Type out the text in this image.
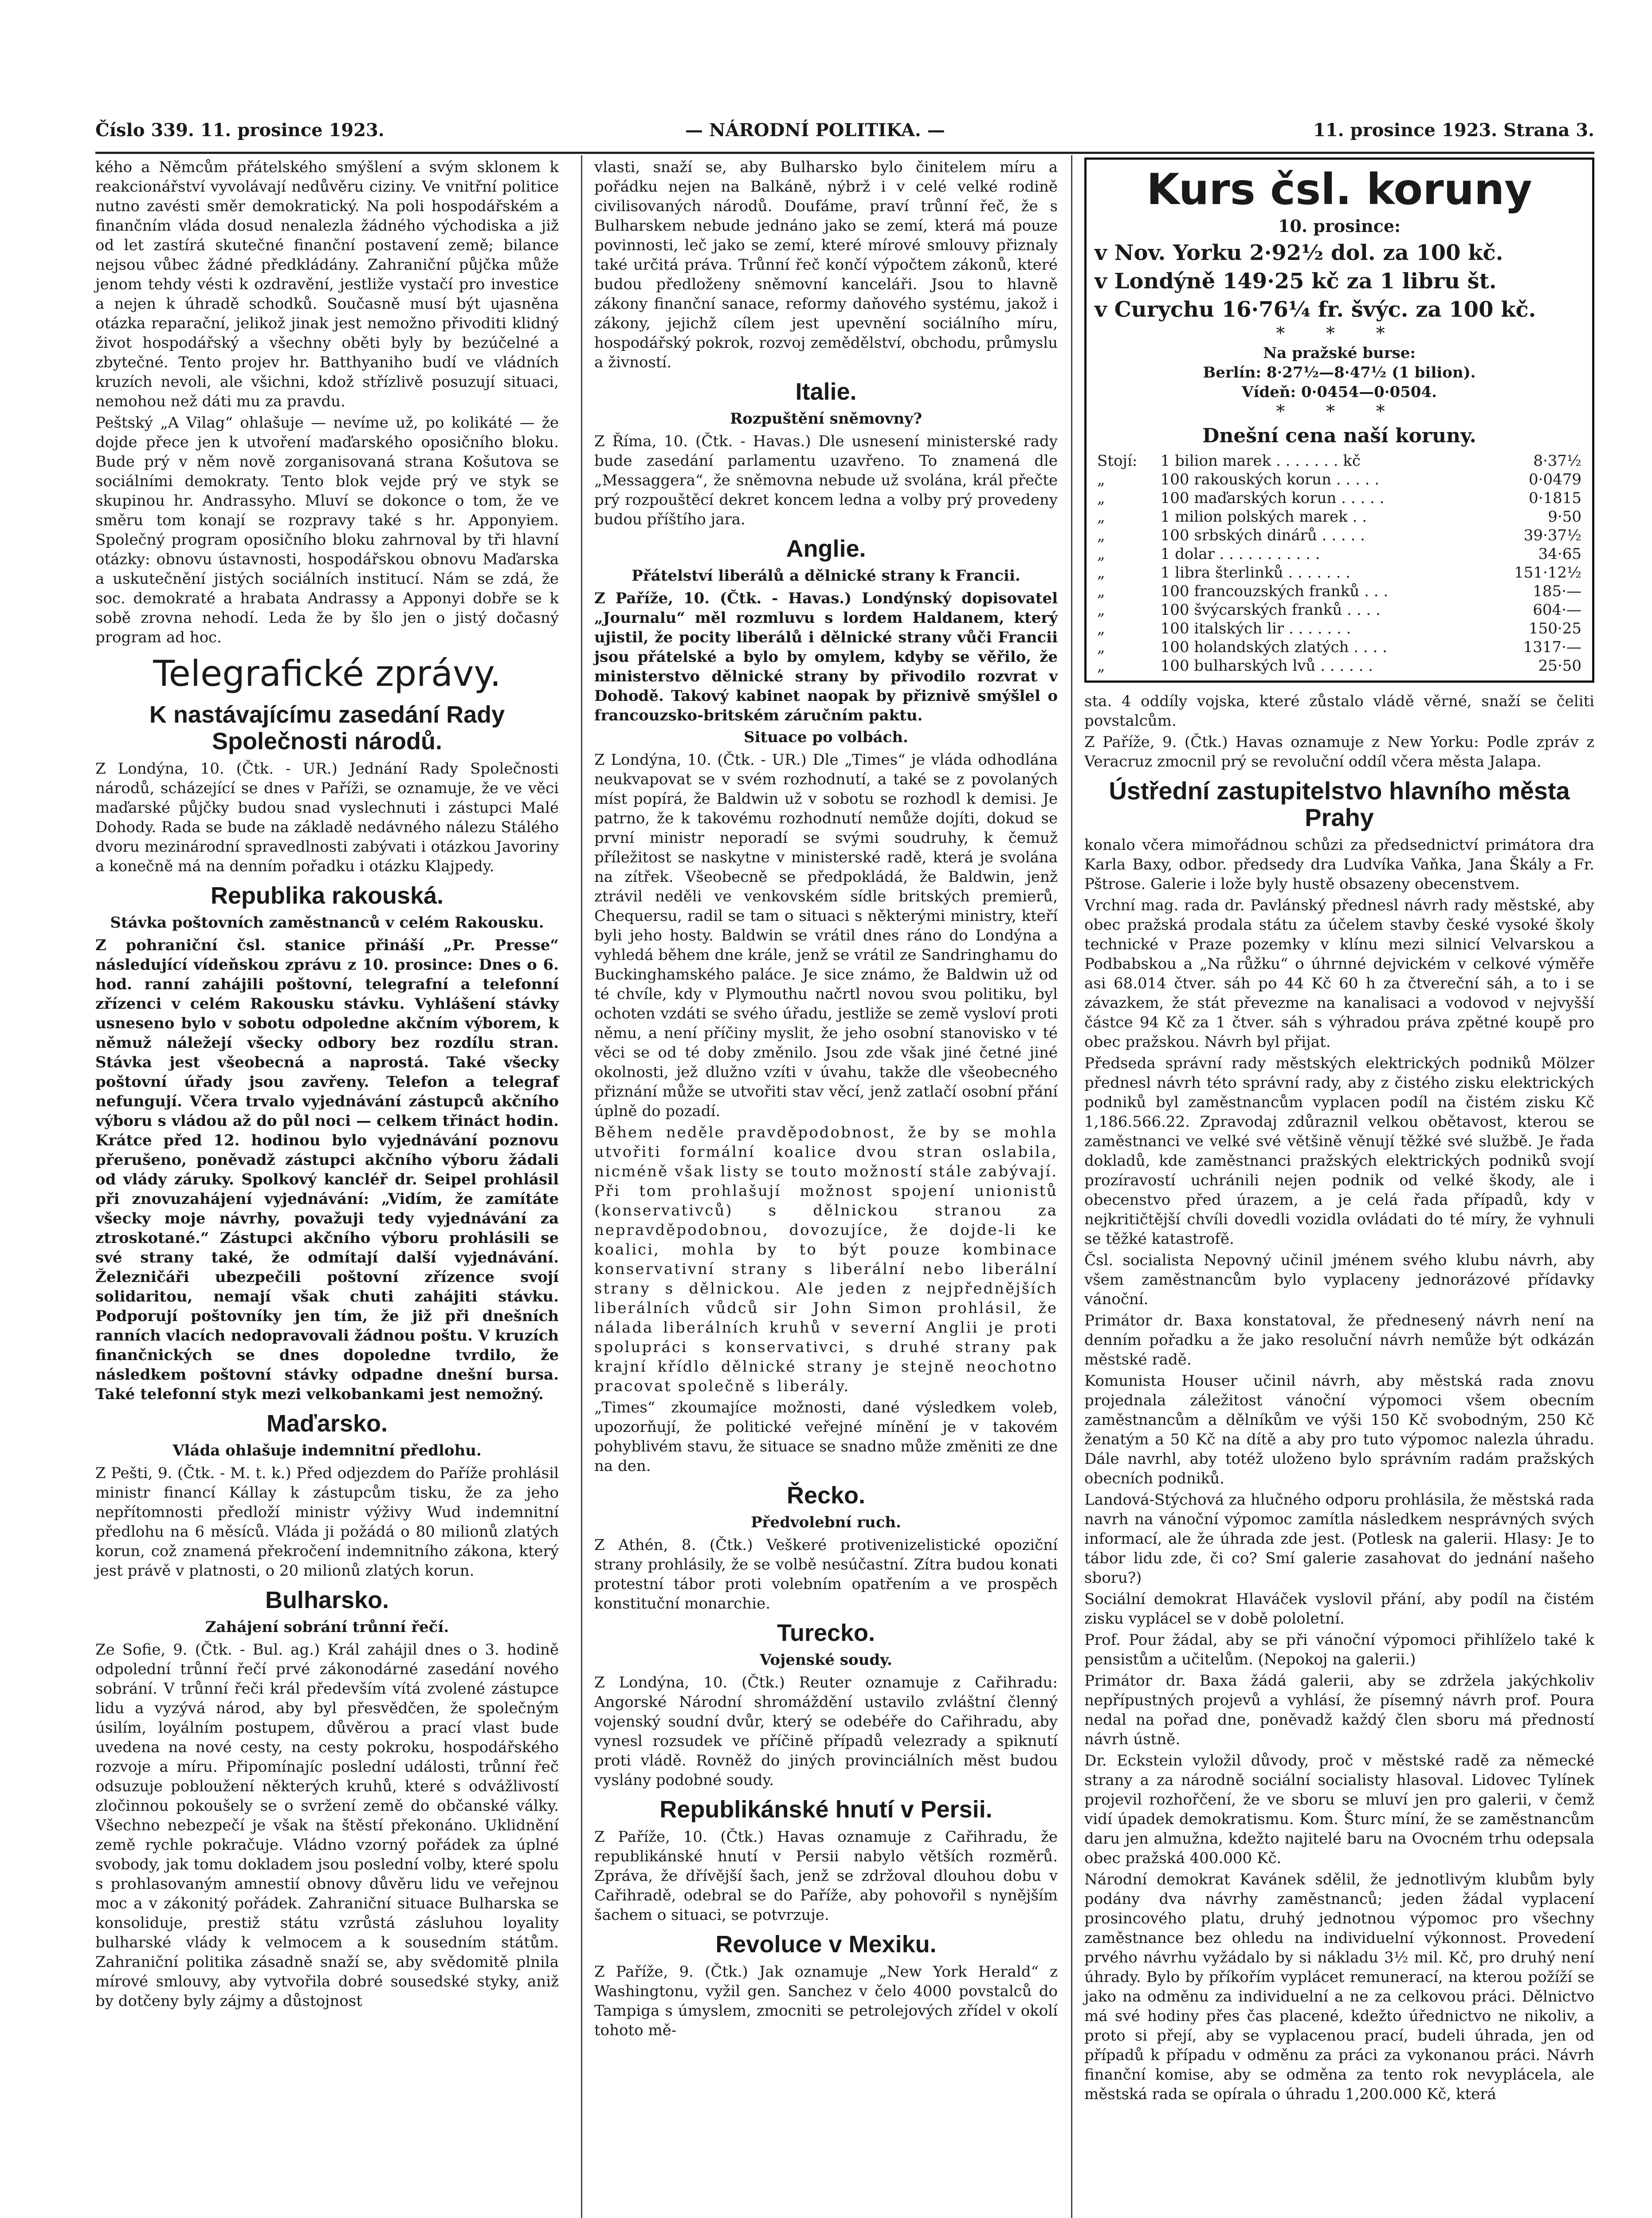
Číslo 339. 11. prosince 1923.	— NÁRODNÍ POLITIKA. —	11. prosince 1923. Strana 3.

kého a Němcům přátelského smýšlení a svým sklonem k reakcionářství vyvolávají nedůvěru ciziny. Ve vnitřní politice nutno zavésti směr demokratický. Na poli hospodářském a finančním vláda dosud nenalezla žádného východiska a již od let zastírá skutečné finanční postavení země; bilance nejsou vůbec žádné předkládány. Zahraniční půjčka může jenom tehdy vésti k ozdravění, jestliže vystačí pro investice a nejen k úhradě schodků. Současně musí být ujasněna otázka reparační, jelikož jinak jest nemožno přivoditi klidný život hospodářský a všechny oběti byly by bezúčelné a zbytečné. Tento projev hr. Batthyaniho budí ve vládních kruzích nevoli, ale všichni, kdož střízlivě posuzují situaci, nemohou než dáti mu za pravdu.

Peštský „A Vilag“ ohlašuje — nevíme už, po kolikáté — že dojde přece jen k utvoření maďarského oposičního bloku. Bude prý v něm nově zorganisovaná strana Košutova se sociálními demokraty. Tento blok vejde prý ve styk se skupinou hr. Andrassyho. Mluví se dokonce o tom, že ve směru tom konají se rozpravy také s hr. Apponyiem. Společný program oposičního bloku zahrnoval by tři hlavní otázky: obnovu ústavnosti, hospodářskou obnovu Maďarska a uskutečnění jistých sociálních institucí. Nám se zdá, že soc. demokraté a hrabata Andrassy a Apponyi dobře se k sobě zrovna nehodí. Leda že by šlo jen o jistý dočasný program ad hoc.

Telegrafické zprávy.
K nastávajícímu zasedání Rady Společnosti národů.

Z Londýna, 10. (Čtk. - UR.) Jednání Rady Společnosti národů, scházející se dnes v Paříži, se oznamuje, že ve věci maďarské půjčky budou snad vyslechnuti i zástupci Malé Dohody. Rada se bude na základě nedávného nálezu Stálého dvoru mezinárodní spravedlnosti zabývati i otázkou Javoriny a konečně má na denním pořadku i otázku Klajpedy.

Republika rakouská.
Stávka poštovních zaměstnanců v celém Rakousku.

Z pohraniční čsl. stanice přináší „Pr. Presse“ následující vídeňskou zprávu z 10. prosince: Dnes o 6. hod. ranní zahájili poštovní, telegrafní a telefonní zřízenci v celém Rakousku stávku. Vyhlášení stávky usneseno bylo v sobotu odpoledne akčním výborem, k němuž náležejí všecky odbory bez rozdílu stran. Stávka jest všeobecná a naprostá. Také všecky poštovní úřady jsou zavřeny. Telefon a telegraf nefungují. Včera trvalo vyjednávání zástupců akčního výboru s vládou až do půl noci — celkem třináct hodin. Krátce před 12. hodinou bylo vyjednávání poznovu přerušeno, poněvadž zástupci akčního výboru žádali od vlády záruky. Spolkový kancléř dr. Seipel prohlásil při znovuzahájení vyjednávání: „Vidím, že zamítáte všecky moje návrhy, považuji tedy vyjednávání za ztroskotané.“ Zástupci akčního výboru prohlásili se své strany také, že odmítají další vyjednávání. Železničáři ubezpečili poštovní zřízence svojí solidaritou, nemají však chuti zahájiti stávku. Podporují poštovníky jen tím, že již při dnešních ranních vlacích nedopravovali žádnou poštu. V kruzích finančnických se dnes dopoledne tvrdilo, že následkem poštovní stávky odpadne dnešní bursa. Také telefonní styk mezi velkobankami jest nemožný.

Maďarsko.
Vláda ohlašuje indemnitní předlohu.

Z Pešti, 9. (Čtk. - M. t. k.) Před odjezdem do Paříže prohlásil ministr financí Kállay k zástupcům tisku, že za jeho nepřítomnosti předloží ministr výživy Wud indemnitní předlohu na 6 měsíců. Vláda ji požádá o 80 milionů zlatých korun, což znamená překročení indemnitního zákona, který jest právě v platnosti, o 20 milionů zlatých korun.

Bulharsko.
Zahájení sobrání trůnní řečí.

Ze Sofie, 9. (Čtk. - Bul. ag.) Král zahájil dnes o 3. hodině odpolední trůnní řečí prvé zákonodárné zasedání nového sobrání. V trůnní řeči král především vítá zvolené zástupce lidu a vyzývá národ, aby byl přesvědčen, že společným úsilím, loyálním postupem, důvěrou a prací vlast bude uvedena na nové cesty, na cesty pokroku, hospodářského rozvoje a míru. Připomínajíc poslední události, trůnní řeč odsuzuje pobloužení některých kruhů, které s odvážlivostí zločinnou pokoušely se o svržení země do občanské války. Všechno nebezpečí je však na štěstí překonáno. Uklidnění země rychle pokračuje. Vládno vzorný pořádek za úplné svobody, jak tomu dokladem jsou poslední volby, které spolu s prohlasovaným amnestií obnovy důvěru lidu ve veřejnou moc a v zákonitý pořádek. Zahraniční situace Bulharska se konsoliduje, prestiž státu vzrůstá zásluhou loyality bulharské vlády k velmocem a k sousedním státům. Zahraniční politika zásadně snaží se, aby svědomitě plnila mírové smlouvy, aby vytvořila dobré sousedské styky, aniž by dotčeny byly zájmy a důstojnost

vlasti, snaží se, aby Bulharsko bylo činitelem míru a pořádku nejen na Balkáně, nýbrž i v celé velké rodině civilisovaných národů. Doufáme, praví trůnní řeč, že s Bulharskem nebude jednáno jako se zemí, která má pouze povinnosti, leč jako se zemí, které mírové smlouvy přiznaly také určitá práva. Trůnní řeč končí výpočtem zákonů, které budou předloženy sněmovní kanceláři. Jsou to hlavně zákony finanční sanace, reformy daňového systému, jakož i zákony, jejichž cílem jest upevnění sociálního míru, hospodářský pokrok, rozvoj zemědělství, obchodu, průmyslu a živností.

Italie.
Rozpuštění sněmovny?

Z Říma, 10. (Čtk. - Havas.) Dle usnesení ministerské rady bude zasedání parlamentu uzavřeno. To znamená dle „Messaggera“, že sněmovna nebude už svolána, král přečte prý rozpouštěcí dekret koncem ledna a volby prý provedeny budou příštího jara.

Anglie.
Přátelství liberálů a dělnické strany k Francii.

Z Paříže, 10. (Čtk. - Havas.) Londýnský dopisovatel „Journalu“ měl rozmluvu s lordem Haldanem, který ujistil, že pocity liberálů i dělnické strany vůči Francii jsou přátelské a bylo by omylem, kdyby se věřilo, že ministerstvo dělnické strany by přivodilo rozvrat v Dohodě. Takový kabinet naopak by přiznivě smýšlel o francouzsko-britském záručním paktu.

Situace po volbách.

Z Londýna, 10. (Čtk. - UR.) Dle „Times“ je vláda odhodlána neukvapovat se v svém rozhodnutí, a také se z povolaných míst popírá, že Baldwin už v sobotu se rozhodl k demisi. Je patrno, že k takovému rozhodnutí nemůže dojíti, dokud se první ministr neporadí se svými soudruhy, k čemuž příležitost se naskytne v ministerské radě, která je svolána na zítřek. Všeobecně se předpokládá, že Baldwin, jenž ztrávil neděli ve venkovském sídle britských premierů, Chequersu, radil se tam o situaci s některými ministry, kteří byli jeho hosty. Baldwin se vrátil dnes ráno do Londýna a vyhledá během dne krále, jenž se vrátil ze Sandringhamu do Buckinghamského paláce. Je sice známo, že Baldwin už od té chvíle, kdy v Plymouthu načrtl novou svou politiku, byl ochoten vzdáti se svého úřadu, jestliže se země vysloví proti němu, a není příčiny myslit, že jeho osobní stanovisko v té věci se od té doby změnilo. Jsou zde však jiné četné jiné okolnosti, jež dlužno vzíti v úvahu, takže dle všeobecného přiznání může se utvořiti stav věcí, jenž zatlačí osobní přání úplně do pozadí.

Během neděle pravděpodobnost, že by se mohla utvořiti formální koalice dvou stran oslabila, nicméně však listy se touto možností stále zabývají. Při tom prohlašují možnost spojení unionistů (konservativců) s dělnickou stranou za nepravděpodobnou, dovozujíce, že dojde-li ke koalici, mohla by to být pouze kombinace konservativní strany s liberální nebo liberální strany s dělnickou. Ale jeden z nejpřednějších liberálních vůdců sir John Simon prohlásil, že nálada liberálních kruhů v severní Anglii je proti spolupráci s konservativci, s druhé strany pak krajní křídlo dělnické strany je stejně neochotno pracovat společně s liberály.

„Times“ zkoumajíce možnosti, dané výsledkem voleb, upozorňují, že politické veřejné mínění je v takovém pohyblivém stavu, že situace se snadno může změniti ze dne na den.

Řecko.
Předvolební ruch.

Z Athén, 8. (Čtk.) Veškeré protivenizelistické opoziční strany prohlásily, že se volbě nesúčastní. Zítra budou konati protestní tábor proti volebním opatřením a ve prospěch konstituční monarchie.

Turecko.
Vojenské soudy.

Z Londýna, 10. (Čtk.) Reuter oznamuje z Cařihradu: Angorské Národní shromáždění ustavilo zvláštní členný vojenský soudní dvůr, který se odebéře do Cařihradu, aby vynesl rozsudek ve příčině případů velezrady a spiknutí proti vládě. Rovněž do jiných provinciálních měst budou vyslány podobné soudy.

Republikánské hnutí v Persii.

Z Paříže, 10. (Čtk.) Havas oznamuje z Cařihradu, že republikánské hnutí v Persii nabylo větších rozměrů. Zpráva, že dřívější šach, jenž se zdržoval dlouhou dobu v Cařihradě, odebral se do Paříže, aby pohovořil s nynějším šachem o situaci, se potvrzuje.

Revoluce v Mexiku.

Z Paříže, 9. (Čtk.) Jak oznamuje „New York Herald“ z Washingtonu, vyžil gen. Sanchez v čelo 4000 povstalců do Tampiga s úmyslem, zmocniti se petrolejových zřídel v okolí tohoto mě-

Kurs čsl. koruny
10. prosince:
v Nov. Yorku 2·92½ dol. za 100 kč.
v Londýně 149·25 kč za 1 libru št.
v Curychu 16·76¼ fr. švýc. za 100 kč.
* * *
Na pražské burse:
Berlín: 8·27½—8·47½ (1 bilion).
Vídeň: 0·0454—0·0504.
* * *
Dnešní cena naší koruny.
Stojí:	1 bilion marek . . . . . . . kč	8·37½
„	100 rakouských korun . . . . .	0·0479
„	100 maďarských korun . . . . .	0·1815
„	1 milion polských marek . .	9·50
„	100 srbských dinárů . . . . .	39·37½
„	1 dolar . . . . . . . . . . .	34·65
„	1 libra šterlinků . . . . . . .	151·12½
„	100 francouzských franků . . .	185·—
„	100 švýcarských franků . . . .	604·—
„	100 italských lir . . . . . . .	150·25
„	100 holandských zlatých . . . .	1317·—
„	100 bulharských lvů . . . . . .	25·50

sta. 4 oddíly vojska, které zůstalo vládě věrné, snaží se čeliti povstalcům.

Z Paříže, 9. (Čtk.) Havas oznamuje z New Yorku: Podle zpráv z Veracruz zmocnil prý se revoluční oddíl včera města Jalapa.

Ústřední zastupitelstvo hlavního města Prahy

konalo včera mimořádnou schůzi za předsednictví primátora dra Karla Baxy, odbor. předsedy dra Ludvíka Vaňka, Jana Škály a Fr. Pštrose. Galerie i lože byly hustě obsazeny obecenstvem.

Vrchní mag. rada dr. Pavlánský přednesl návrh rady městské, aby obec pražská prodala státu za účelem stavby české vysoké školy technické v Praze pozemky v klínu mezi silnicí Velvarskou a Podbabskou a „Na růžku“ o úhrnné dejvickém v celkové výměře asi 68.014 čtver. sáh po 44 Kč 60 h za čtvereční sáh, a to i se závazkem, že stát převezme na kanalisaci a vodovod v nejvyšší částce 94 Kč za 1 čtver. sáh s výhradou práva zpětné koupě pro obec pražskou. Návrh byl přijat.

Předseda správní rady městských elektrických podniků Mölzer přednesl návrh této správní rady, aby z čistého zisku elektrických podniků byl zaměstnancům vyplacen podíl na čistém zisku Kč 1,186.566.22. Zpravodaj zdůraznil velkou obětavost, kterou se zaměstnanci ve velké své většině věnují těžké své službě. Je řada dokladů, kde zaměstnanci pražských elektrických podniků svojí prozíravostí uchránili nejen podnik od velké škody, ale i obecenstvo před úrazem, a je celá řada případů, kdy v nejkritičtější chvíli dovedli vozidla ovládati do té míry, že vyhnuli se těžké katastrofě.

Čsl. socialista Nepovný učinil jménem svého klubu návrh, aby všem zaměstnancům bylo vyplaceny jednorázové přídavky vánoční.

Primátor dr. Baxa konstatoval, že přednesený návrh není na denním pořadku a že jako resoluční návrh nemůže být odkázán městské radě.

Komunista Houser učinil návrh, aby městská rada znovu projednala záležitost vánoční výpomoci všem obecním zaměstnancům a dělníkům ve výši 150 Kč svobodným, 250 Kč ženatým a 50 Kč na dítě a aby pro tuto výpomoc nalezla úhradu. Dále navrhl, aby totéž uloženo bylo správním radám pražských obecních podniků.

Landová-Stýchová za hlučného odporu prohlásila, že městská rada navrh na vánoční výpomoc zamítla následkem nesprávných svých informací, ale že úhrada zde jest. (Potlesk na galerii. Hlasy: Je to tábor lidu zde, či co? Smí galerie zasahovat do jednání našeho sboru?)

Sociální demokrat Hlaváček vyslovil přání, aby podíl na čistém zisku vyplácel se v době pololetní.

Prof. Pour žádal, aby se při vánoční výpomoci přihlíželo také k pensistům a učitelům. (Nepokoj na galerii.)

Primátor dr. Baxa žádá galerii, aby se zdržela jakýchkoliv nepřípustných projevů a vyhlásí, že písemný návrh prof. Poura nedal na pořad dne, poněvadž každý člen sboru má předností návrh ústně.

Dr. Eckstein vyložil důvody, proč v městské radě za německé strany a za národně sociální socialisty hlasoval. Lidovec Tylínek projevil rozhořčení, že ve sboru se mluví jen pro galerii, v čemž vidí úpadek demokratismu. Kom. Šturc míní, že se zaměstnancům daru jen almužna, kdežto najitelé baru na Ovocném trhu odepsala obec pražská 400.000 Kč.

Národní demokrat Kavánek sdělil, že jednotlivým klubům byly podány dva návrhy zaměstnanců; jeden žádal vyplacení prosincového platu, druhý jednotnou výpomoc pro všechny zaměstnance bez ohledu na individuelní výkonnost. Provedení prvého návrhu vyžádalo by si nákladu 3½ mil. Kč, pro druhý není úhrady. Bylo by příkořím vyplácet remunerací, na kterou požíží se jako na odměnu za individuelní a ne za celkovou práci. Dělnictvo má své hodiny přes čas placené, kdežto úřednictvo ne nikoliv, a proto si přejí, aby se vyplacenou prací, budeli úhrada, jen od případů k případu v odměnu za práci za vykonanou práci. Návrh finanční komise, aby se odměna za tento rok nevyplácela, ale městská rada se opírala o úhradu 1,200.000 Kč, která
